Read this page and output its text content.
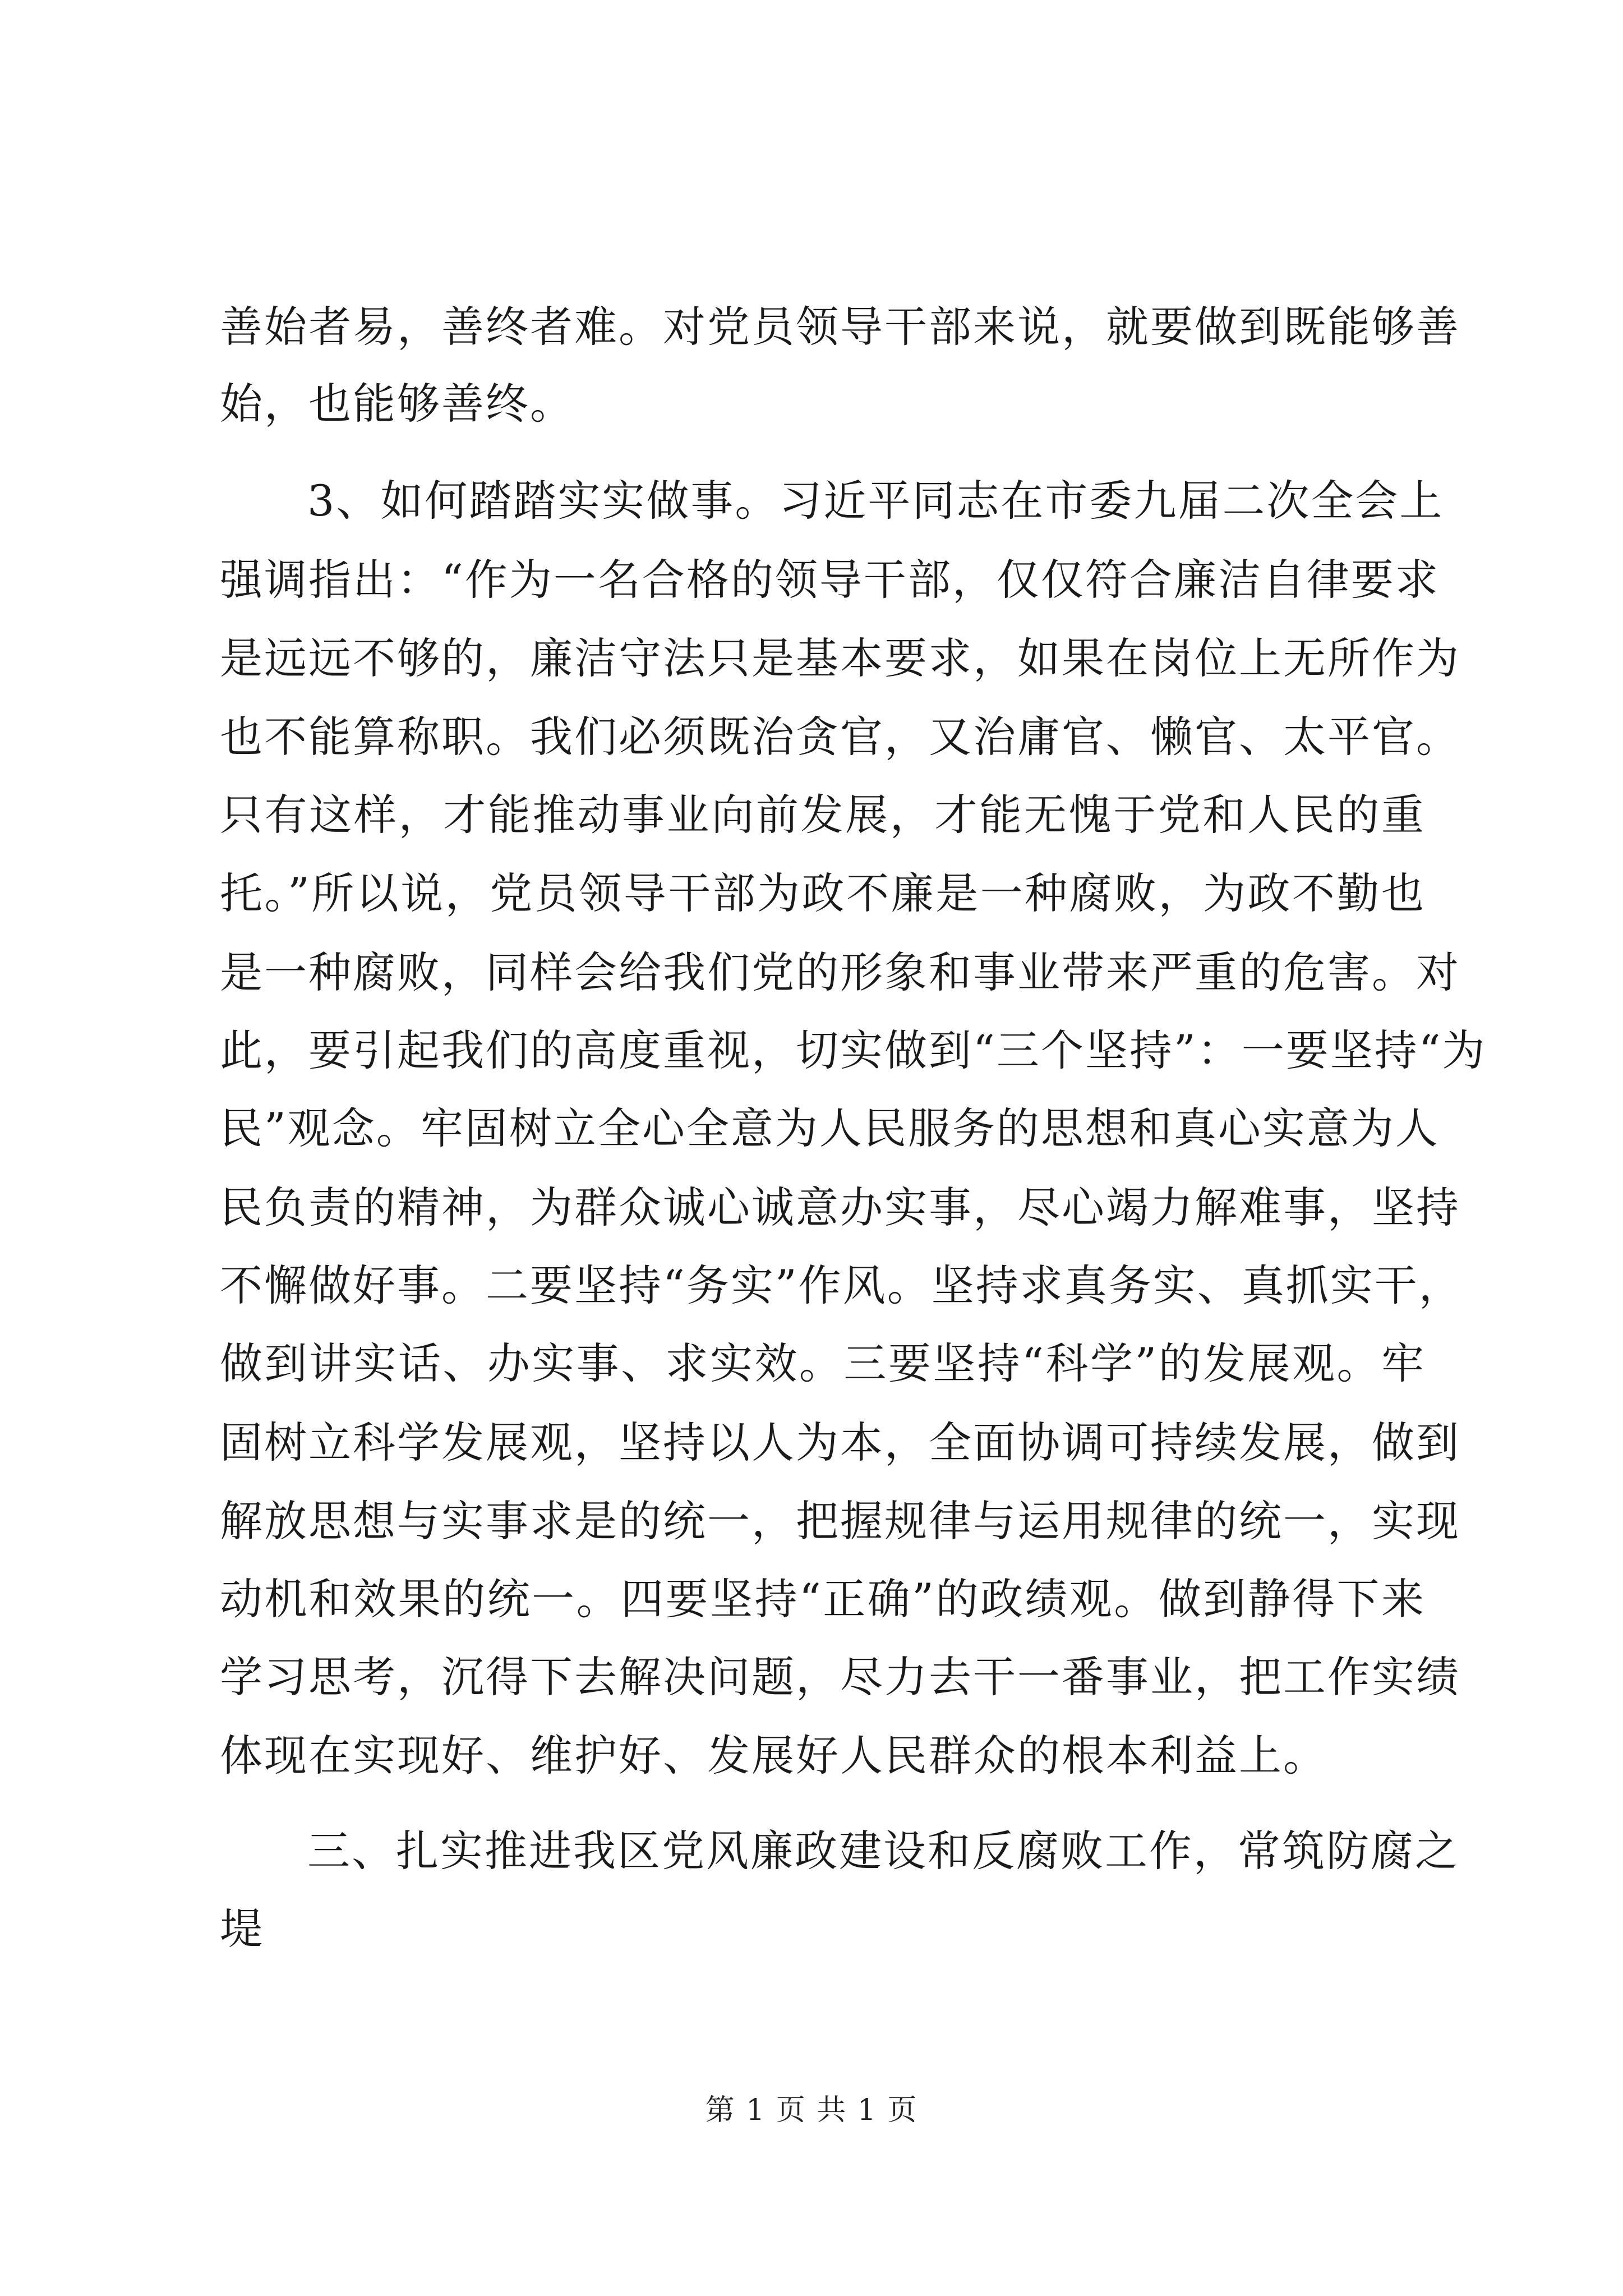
善始者易，善终者难。对党员领导干部来说，就要做到既能够善
始，也能够善终。
3、如何踏踏实实做事。习近平同志在市委九届二次全会上
强调指出：“作为一名合格的领导干部，仅仅符合廉洁自律要求
是远远不够的，廉洁守法只是基本要求，如果在岗位上无所作为
也不能算称职。我们必须既治贪官，又治庸官、懒官、太平官。
只有这样，才能推动事业向前发展，才能无愧于党和人民的重
托。”所以说，党员领导干部为政不廉是一种腐败，为政不勤也
是一种腐败，同样会给我们党的形象和事业带来严重的危害。对
此，要引起我们的高度重视，切实做到“三个坚持”：一要坚持“为
民”观念。牢固树立全心全意为人民服务的思想和真心实意为人
民负责的精神，为群众诚心诚意办实事，尽心竭力解难事，坚持
不懈做好事。二要坚持“务实”作风。坚持求真务实、真抓实干，
做到讲实话、办实事、求实效。三要坚持“科学”的发展观。牢
固树立科学发展观，坚持以人为本，全面协调可持续发展，做到
解放思想与实事求是的统一，把握规律与运用规律的统一，实现
动机和效果的统一。四要坚持“正确”的政绩观。做到静得下来
学习思考，沉得下去解决问题，尽力去干一番事业，把工作实绩
体现在实现好、维护好、发展好人民群众的根本利益上。
三、扎实推进我区党风廉政建设和反腐败工作，常筑防腐之
堤
第 1 页 共 1 页
